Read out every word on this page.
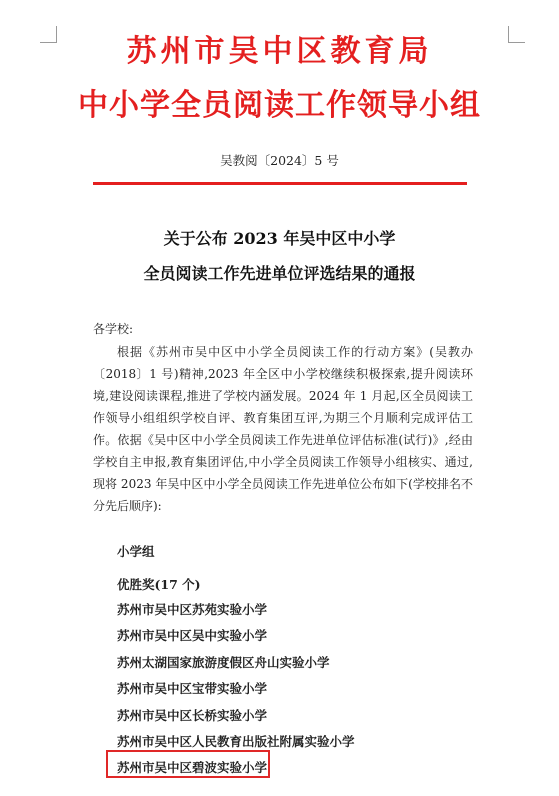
苏州市吴中区教育局
中小学全员阅读工作领导小组
吴教阅〔2024〕5 号
关于公布 2023 年吴中区中小学
全员阅读工作先进单位评选结果的通报
各学校:
根据《苏州市吴中区中小学全员阅读工作的行动方案》(吴教办〔2018〕1 号)精神,2023 年全区中小学校继续积极探索,提升阅读环境,建设阅读课程,推进了学校内涵发展。2024 年 1 月起,区全员阅读工作领导小组组织学校自评、教育集团互评,为期三个月顺利完成评估工作。依据《吴中区中小学全员阅读工作先进单位评估标准(试行)》,经由学校自主申报,教育集团评估,中小学全员阅读工作领导小组核实、通过,现将 2023 年吴中区中小学全员阅读工作先进单位公布如下(学校排名不分先后顺序):
小学组
优胜奖(17 个)
苏州市吴中区苏苑实验小学
苏州市吴中区吴中实验小学
苏州太湖国家旅游度假区舟山实验小学
苏州市吴中区宝带实验小学
苏州市吴中区长桥实验小学
苏州市吴中区人民教育出版社附属实验小学
苏州市吴中区碧波实验小学
